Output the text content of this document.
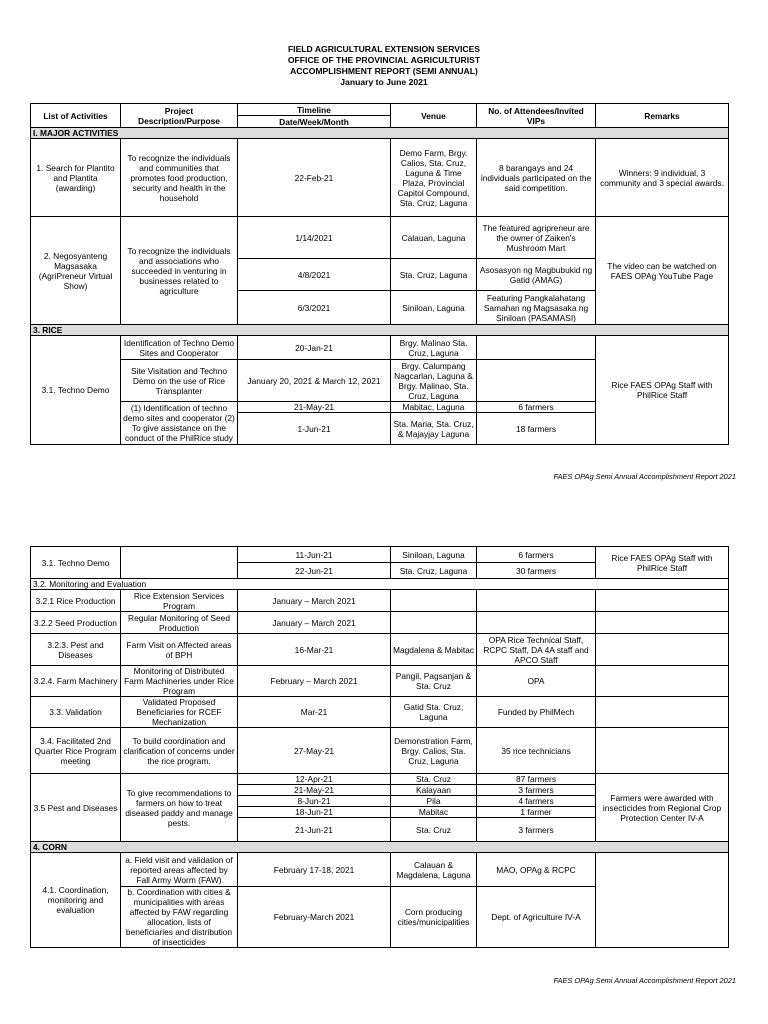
FIELD AGRICULTURAL EXTENSION SERVICES
OFFICE OF THE PROVINCIAL AGRICULTURIST
ACCOMPLISHMENT REPORT (SEMI ANNUAL)
January to June 2021
List of Activities	Project Description/Purpose	Timeline	Venue	No. of Attendees/Invited VIPs	Remarks
		Date/Week/Month			
I. MAJOR ACTIVITIES					
1. Search for Plantito and Plantita (awarding)	To recognize the individuals and communities that promotes food production, security and health in the household	22-Feb-21	Demo Farm, Brgy. Calios, Sta. Cruz, Laguna & Time Plaza, Provincial Capitol Compound, Sta. Cruz, Laguna	8 barangays and 24 individuals participated on the said competition.	Winners: 9 individual, 3 community and 3 special awards.
2. Negosyanteng Magsasaka (AgriPreneur Virtual Show)	To recognize the individuals and associations who succeeded in venturing in businesses related to agriculture	1/14/2021	Calauan, Laguna	The featured agripreneur are the owner of Zaiken's Mushroom Mart	The video can be watched on FAES OPAg YouTube Page
		4/8/2021	Sta. Cruz, Laguna	Asosasyon ng Magbubukid ng Gatid (AMAG)	
		6/3/2021	Siniloan, Laguna	Featuring Pangkalahatang Samahan ng Magsasaka ng Siniloan (PASAMASI)	
3. RICE					
3.1. Techno Demo	Identification of Techno Demo Sites and Cooperator	20-Jan-21	Brgy. Malinao Sta. Cruz, Laguna		Rice FAES OPAg Staff with PhilRice Staff
	Site Visitation and Techno Demo on the use of Rice Transplanter	January 20, 2021 & March 12, 2021	Brgy. Calumpang Nagcarlan, Laguna & Brgy. Malinao, Sta. Cruz, Laguna		
	(1) Identification of techno demo sites and cooperator (2) To give assistance on the conduct of the PhilRice study	21-May-21	Mabitac, Laguna	6 farmers	
		1-Jun-21	Sta. Maria, Sta. Cruz, & Majayjay Laguna	18 farmers	
FAES OPAg Semi Annual Accomplishment Report 2021
3.1. Techno Demo		11-Jun-21	Siniloan, Laguna	6 farmers	Rice FAES OPAg Staff with PhilRice Staff
		22-Jun-21	Sta. Cruz, Laguna	30 farmers	
3.2. Monitoring and Evaluation					
3.2.1 Rice Production	Rice Extension Services Program	January – March 2021			
3.2.2 Seed Production	Regular Monitoring of Seed Production	January – March 2021			
3.2.3. Pest and Diseases	Farm Visit on Affected areas of BPH	16-Mar-21	Magdalena & Mabitac	OPA Rice Technical Staff, RCPC Staff, DA 4A staff and APCO Staff	
3.2.4. Farm Machinery	Monitoring of Distributed Farm Machineries under Rice Program	February – March 2021	Pangil, Pagsanjan & Sta. Cruz	OPA	
3.3. Validation	Validated Proposed Beneficiaries for RCEF Mechanization	Mar-21	Gatid Sta. Cruz, Laguna	Funded by PhilMech	
3.4. Facilitated 2nd Quarter Rice Program meeting	To build coordination and clarification of concerns under the rice program.	27-May-21	Demonstration Farm, Brgy. Calios, Sta. Cruz, Laguna	35 rice technicians	
3.5 Pest and Diseases	To give recommendations to farmers on how to treat diseased paddy and manage pests.	12-Apr-21	Sta. Cruz	87 farmers	Farmers were awarded with insecticides from Regional Crop Protection Center IV-A
		21-May-21	Kalayaan	3 farmers	
		8-Jun-21	Pila	4 farmers	
		18-Jun-21	Mabitac	1 farmer	
		21-Jun-21	Sta. Cruz	3 farmers	
4. CORN					
4.1. Coordination, monitoring and evaluation	a. Field visit and validation of reported areas affected by Fall Army Worm (FAW)	February 17-18, 2021	Calauan & Magdalena, Laguna	MAO, OPAg & RCPC	
	b. Coordination with cities & municipalities with areas affected by FAW regarding allocation, lists of beneficiaries and distribution of insecticides	February-March 2021	Corn producing cities/municipalities	Dept. of Agriculture IV-A	
FAES OPAg Semi Annual Accomplishment Report 2021
